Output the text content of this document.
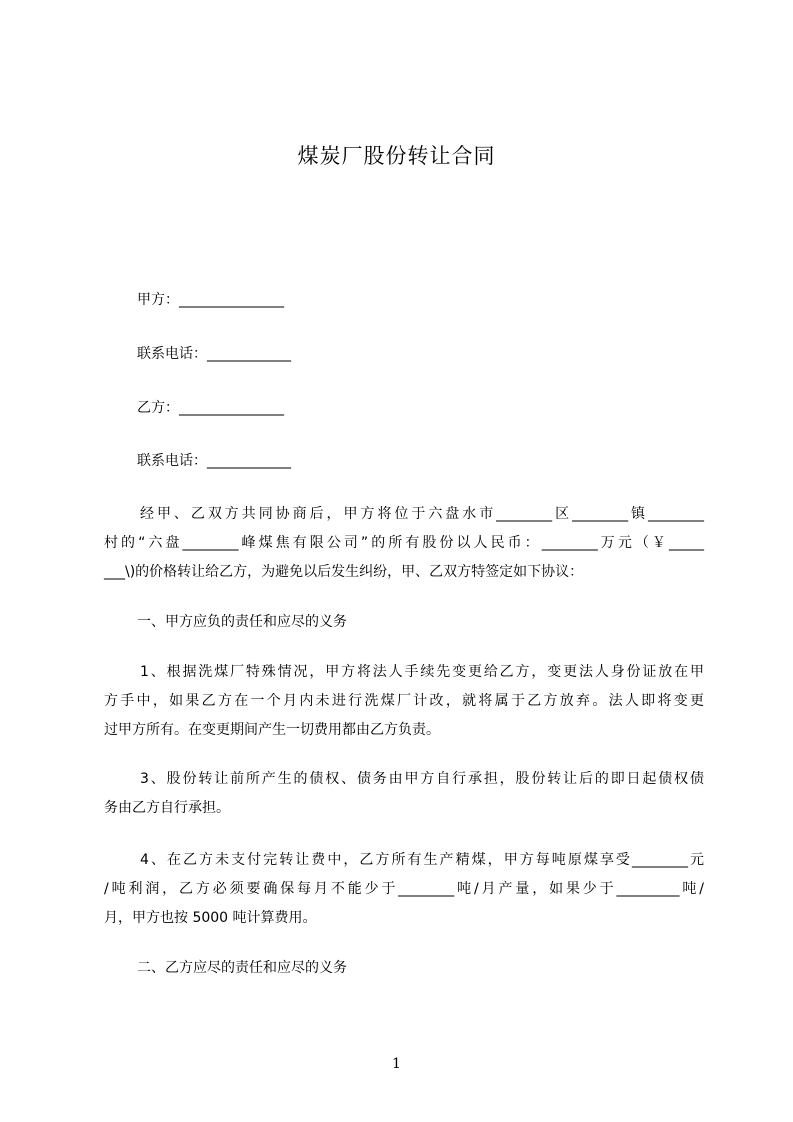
煤炭厂股份转让合同
甲方：_______________
联系电话：____________
乙方：_______________
联系电话：____________
经甲、乙双方共同协商后，甲方将位于六盘水市________区________镇________
村的“六盘________峰煤焦有限公司”的所有股份以人民币：________万元（￥_____
___\)的价格转让给乙方，为避免以后发生纠纷，甲、乙双方特签定如下协议：
一、甲方应负的责任和应尽的义务
1、根据洗煤厂特殊情况，甲方将法人手续先变更给乙方，变更法人身份证放在甲
方手中，如果乙方在一个月内未进行洗煤厂计改，就将属于乙方放弃。法人即将变更
过甲方所有。在变更期间产生一切费用都由乙方负责。
3、股份转让前所产生的债权、债务由甲方自行承担，股份转让后的即日起债权债
务由乙方自行承担。
4、在乙方未支付完转让费中，乙方所有生产精煤，甲方每吨原煤享受________元
/吨利润，乙方必须要确保每月不能少于________吨/月产量，如果少于_________吨/
月，甲方也按 5000 吨计算费用。
二、乙方应尽的责任和应尽的义务
1
